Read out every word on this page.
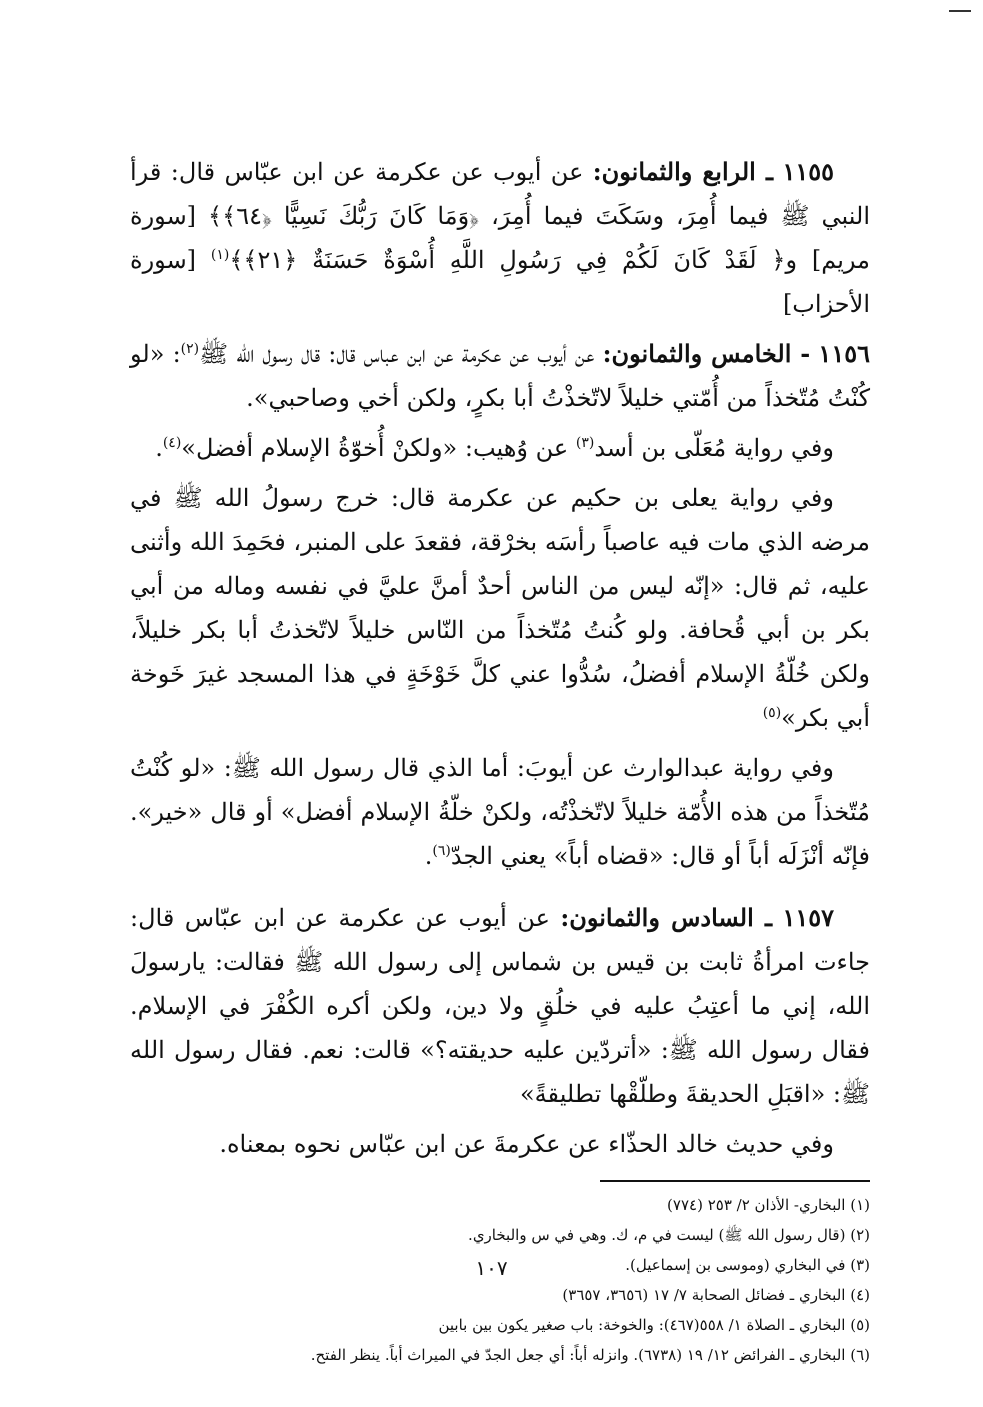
١١٥٥ ـ الرابع والثمانون: عن أيوب عن عكرمة عن ابن عبّاس قال: قرأ النبي ﷺ فيما أُمِرَ، وسَكَتَ فيما أُمِرَ، ﴿وَمَا كَانَ رَبُّكَ نَسِيًّا ﴿٦٤﴾﴾ [سورة مريم] و﴿ لَقَدْ كَانَ لَكُمْ فِي رَسُولِ اللَّهِ أُسْوَةٌ حَسَنَةٌ ﴿٢١﴾﴾$^{(١)}$ [سورة الأحزاب]

١١٥٦ - الخامس والثمانون: عن أيوب عن عكرمة عن ابن عباس قال: قال رسول الله ﷺ$^{(٢)}$: «لو كُنْتُ مُتّخذاً من أُمّتي خليلاً لاتّخذْتُ أبا بكرٍ، ولكن أخي وصاحبي».

وفي رواية مُعَلّى بن أسد$^{(٣)}$ عن وُهيب: «ولكنْ أُخوّةُ الإسلام أفضل»$^{(٤)}$.

وفي رواية يعلى بن حكيم عن عكرمة قال: خرج رسولُ الله ﷺ في مرضه الذي مات فيه عاصباً رأسَه بخرْقة، فقعدَ على المنبر، فحَمِدَ الله وأثنى عليه، ثم قال: «إنّه ليس من الناس أحدٌ أمنَّ عليَّ في نفسه وماله من أبي بكر بن أبي قُحافة. ولو كُنتُ مُتّخذاً من النّاس خليلاً لاتّخذتُ أبا بكر خليلاً، ولكن خُلّةُ الإسلام أفضلُ، سُدُّوا عني كلَّ خَوْخَةٍ في هذا المسجد غيرَ خَوخة أبي بكر»$^{(٥)}$

وفي رواية عبدالوارث عن أيوبَ: أما الذي قال رسول الله ﷺ: «لو كُنْتُ مُتّخذاً من هذه الأُمّة خليلاً لاتّخذْتُه، ولكنْ خلّةُ الإسلام أفضل» أو قال «خير». فإنّه أنْزَلَه أباً أو قال: «قضاه أباً» يعني الجدّ$^{(٦)}$.

١١٥٧ ـ السادس والثمانون: عن أيوب عن عكرمة عن ابن عبّاس قال: جاءت امرأةُ ثابت بن قيس بن شماس إلى رسول الله ﷺ فقالت: يارسولَ الله، إني ما أعتِبُ عليه في خلُقٍ ولا دين، ولكن أكره الكُفْرَ في الإسلام. فقال رسول الله ﷺ: «أتردّين عليه حديقته؟» قالت: نعم. فقال رسول الله ﷺ: «اقبَلِ الحديقةَ وطلّقْها تطليقةً»

وفي حديث خالد الحذّاء عن عكرمةَ عن ابن عبّاس نحوه بمعناه.

(١) البخاري- الأذان ٢/ ٢٥٣ (٧٧٤)

(٢) (قال رسول الله ﷺ) ليست في م، ك. وهي في س والبخاري.

(٣) في البخاري (وموسى بن إسماعيل).

(٤) البخاري ـ فضائل الصحابة ٧/ ١٧ (٣٦٥٦، ٣٦٥٧)

(٥) البخاري ـ الصلاة ١/ ٥٥٨(٤٦٧): والخوخة: باب صغير يكون بين بابين

(٦) البخاري ـ الفرائض ١٢/ ١٩ (٦٧٣٨). وانزله أباً: أي جعل الجدّ في الميراث أباً. ينظر الفتح.

١٠٧
